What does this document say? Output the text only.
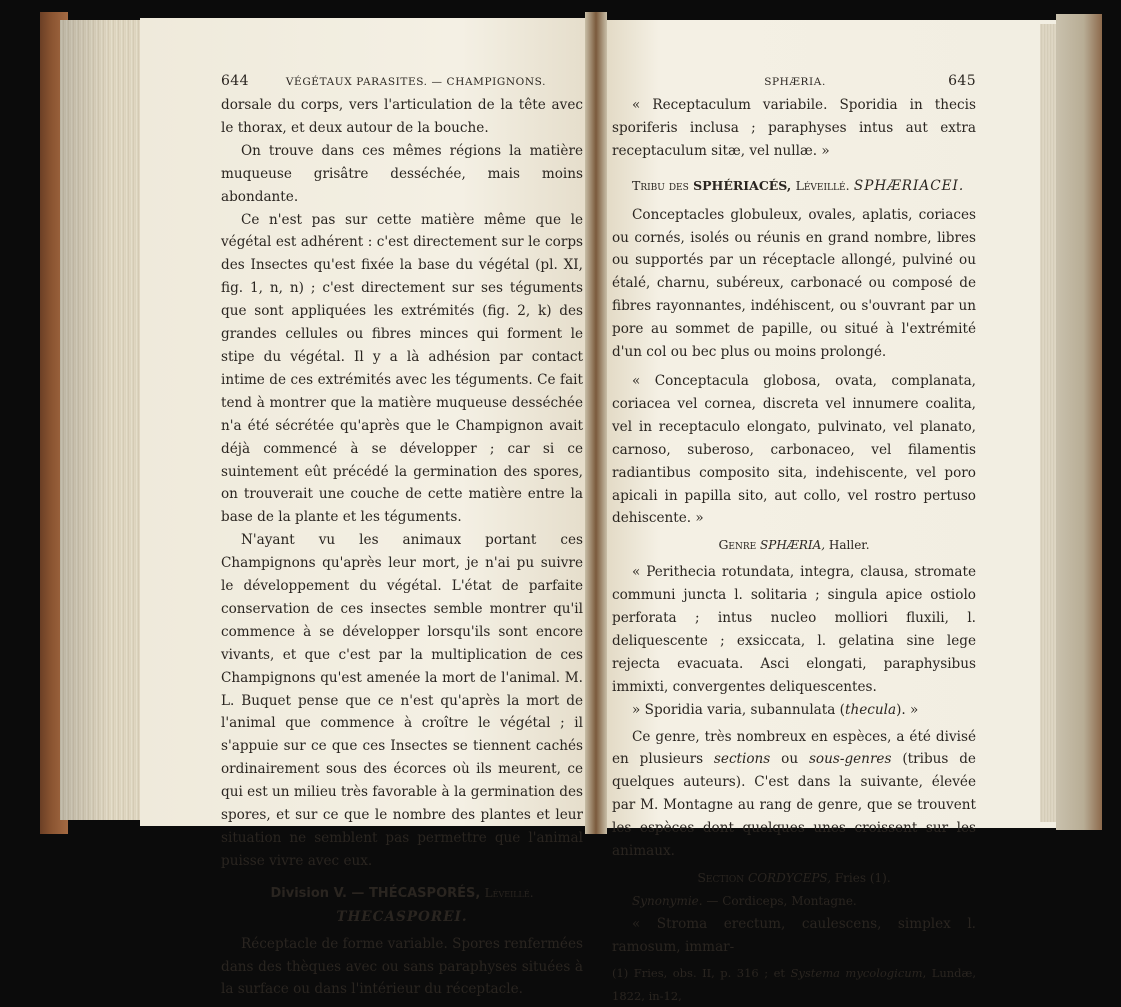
644	VÉGÉTAUX PARASITES. — CHAMPIGNONS.

dorsale du corps, vers l'articulation de la tête avec le thorax, et deux autour de la bouche.

On trouve dans ces mêmes régions la matière muqueuse grisâtre desséchée, mais moins abondante.

Ce n'est pas sur cette matière même que le végétal est adhérent : c'est directement sur le corps des Insectes qu'est fixée la base du végétal (pl. XI, fig. 1, n, n) ; c'est directement sur ses téguments que sont appliquées les extrémités (fig. 2, k) des grandes cellules ou fibres minces qui forment le stipe du végétal. Il y a là adhésion par contact intime de ces extrémités avec les téguments. Ce fait tend à montrer que la matière muqueuse desséchée n'a été sécrétée qu'après que le Champignon avait déjà commencé à se développer ; car si ce suintement eût précédé la germination des spores, on trouverait une couche de cette matière entre la base de la plante et les téguments.

N'ayant vu les animaux portant ces Champignons qu'après leur mort, je n'ai pu suivre le développement du végétal. L'état de parfaite conservation de ces insectes semble montrer qu'il commence à se développer lorsqu'ils sont encore vivants, et que c'est par la multiplication de ces Champignons qu'est amenée la mort de l'animal. M. L. Buquet pense que ce n'est qu'après la mort de l'animal que commence à croître le végétal ; il s'appuie sur ce que ces Insectes se tiennent cachés ordinairement sous des écorces où ils meurent, ce qui est un milieu très favorable à la germination des spores, et sur ce que le nombre des plantes et leur situation ne semblent pas permettre que l'animal puisse vivre avec eux.

Division V. — THÉCASPORÉS, Léveillé.

THECASPOREI.

Réceptacle de forme variable. Spores renfermées dans des thèques avec ou sans paraphyses situées à la surface ou dans l'intérieur du réceptacle.

SPHÆRIA.	645

« Receptaculum variabile. Sporidia in thecis sporiferis inclusa ; paraphyses intus aut extra receptaculum sitæ, vel nullæ. »

Tribu des SPHÉRIACÉS, Léveillé. SPHÆRIACEI.

Conceptacles globuleux, ovales, aplatis, coriaces ou cornés, isolés ou réunis en grand nombre, libres ou supportés par un réceptacle allongé, pulviné ou étalé, charnu, subéreux, carbonacé ou composé de fibres rayonnantes, indéhiscent, ou s'ouvrant par un pore au sommet de papille, ou situé à l'extrémité d'un col ou bec plus ou moins prolongé.

« Conceptacula globosa, ovata, complanata, coriacea vel cornea, discreta vel innumere coalita, vel in receptaculo elongato, pulvinato, vel planato, carnoso, suberoso, carbonaceo, vel filamentis radiantibus composito sita, indehiscente, vel poro apicali in papilla sito, aut collo, vel rostro pertuso dehiscente. »

Genre SPHÆRIA, Haller.

« Perithecia rotundata, integra, clausa, stromate communi juncta l. solitaria ; singula apice ostiolo perforata ; intus nucleo molliori fluxili, l. deliquescente ; exsiccata, l. gelatina sine lege rejecta evacuata. Asci elongati, paraphysibus immixti, convergentes deliquescentes.

» Sporidia varia, subannulata (thecula). »

Ce genre, très nombreux en espèces, a été divisé en plusieurs sections ou sous-genres (tribus de quelques auteurs). C'est dans la suivante, élevée par M. Montagne au rang de genre, que se trouvent les espèces dont quelques unes croissent sur les animaux.

Section CORDYCEPS, Fries (1).

Synonymie. — Cordiceps, Montagne.

« Stroma erectum, caulescens, simplex l. ramosum, immar-

(1) Fries, obs. II, p. 316 ; et Systema mycologicum, Lundæ, 1822, in-12,
